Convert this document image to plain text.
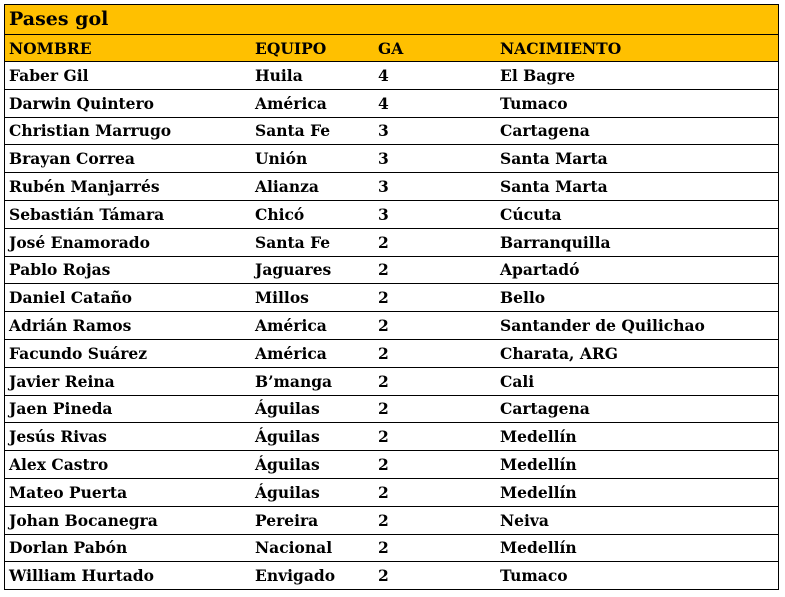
Pases gol
NOMBRE	EQUIPO	GA	NACIMIENTO
Faber Gil	Huila	4	El Bagre
Darwin Quintero	América	4	Tumaco
Christian Marrugo	Santa Fe	3	Cartagena
Brayan Correa	Unión	3	Santa Marta
Rubén Manjarrés	Alianza	3	Santa Marta
Sebastián Támara	Chicó	3	Cúcuta
José Enamorado	Santa Fe	2	Barranquilla
Pablo Rojas	Jaguares	2	Apartadó
Daniel Cataño	Millos	2	Bello
Adrián Ramos	América	2	Santander de Quilichao
Facundo Suárez	América	2	Charata, ARG
Javier Reina	B’manga	2	Cali
Jaen Pineda	Águilas	2	Cartagena
Jesús Rivas	Águilas	2	Medellín
Alex Castro	Águilas	2	Medellín
Mateo Puerta	Águilas	2	Medellín
Johan Bocanegra	Pereira	2	Neiva
Dorlan Pabón	Nacional	2	Medellín
William Hurtado	Envigado	2	Tumaco
